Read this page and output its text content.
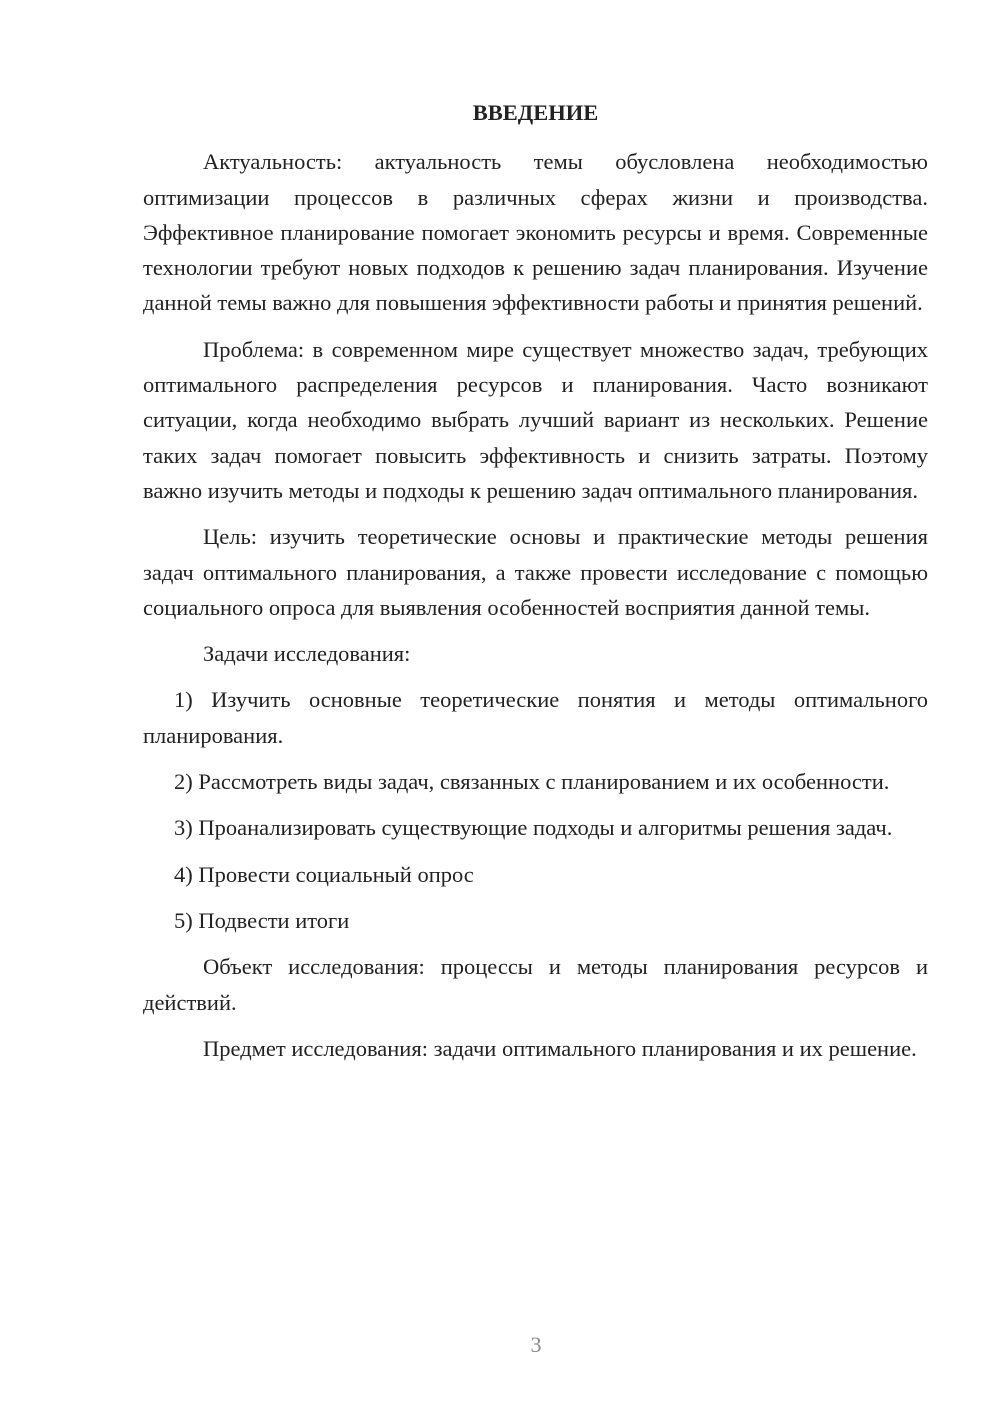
ВВЕДЕНИЕ

Актуальность: актуальность темы обусловлена необходимостью оптимизации процессов в различных сферах жизни и производства. Эффективное планирование помогает экономить ресурсы и время. Современные технологии требуют новых подходов к решению задач планирования. Изучение данной темы важно для повышения эффективности работы и принятия решений.

Проблема: в современном мире существует множество задач, требующих оптимального распределения ресурсов и планирования. Часто возникают ситуации, когда необходимо выбрать лучший вариант из нескольких. Решение таких задач помогает повысить эффективность и снизить затраты. Поэтому важно изучить методы и подходы к решению задач оптимального планирования.

Цель: изучить теоретические основы и практические методы решения задач оптимального планирования, а также провести исследование с помощью социального опроса для выявления особенностей восприятия данной темы.

Задачи исследования:

1) Изучить основные теоретические понятия и методы оптимального планирования.

2) Рассмотреть виды задач, связанных с планированием и их особенности.

3) Проанализировать существующие подходы и алгоритмы решения задач.

4) Провести социальный опрос

5) Подвести итоги

Объект исследования: процессы и методы планирования ресурсов и действий.

Предмет исследования: задачи оптимального планирования и их решение.

3
